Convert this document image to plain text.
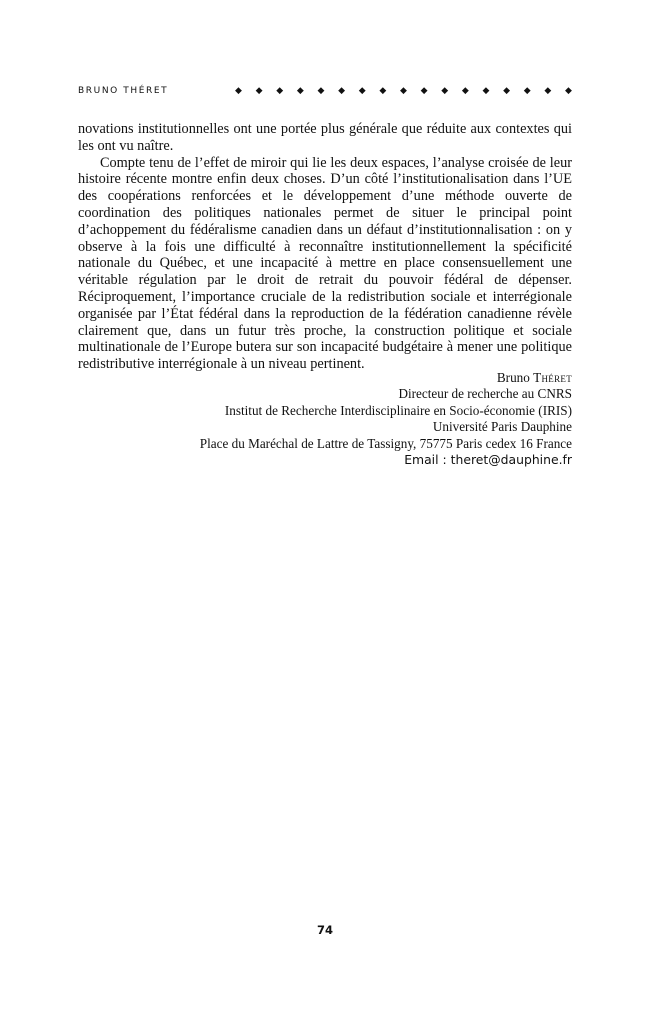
BRUNO THÉRET	◆ ◆ ◆ ◆ ◆ ◆ ◆ ◆ ◆ ◆ ◆ ◆ ◆ ◆ ◆ ◆ ◆

novations institutionnelles ont une portée plus générale que réduite aux contextes qui les ont vu naître.

Compte tenu de l’effet de miroir qui lie les deux espaces, l’analyse croisée de leur histoire récente montre enfin deux choses. D’un côté l’institutionalisation dans l’UE des coopérations renforcées et le développement d’une méthode ouverte de coordination des politiques nationales permet de situer le principal point d’achoppement du fédéralisme canadien dans un défaut d’institutionnalisation : on y observe à la fois une difficulté à reconnaître institutionnellement la spécificité nationale du Québec, et une incapacité à mettre en place consensuellement une véritable régulation par le droit de retrait du pouvoir fédéral de dépenser. Réciproquement, l’importance cruciale de la redistribution sociale et interrégionale organisée par l’État fédéral dans la reproduction de la fédération canadienne révèle clairement que, dans un futur très proche, la construction politique et sociale multinationale de l’Europe butera sur son incapacité budgétaire à mener une politique redistributive interrégionale à un niveau pertinent.

Bruno Théret
Directeur de recherche au CNRS
Institut de Recherche Interdisciplinaire en Socio-économie (IRIS)
Université Paris Dauphine
Place du Maréchal de Lattre de Tassigny, 75775 Paris cedex 16 France
Email : theret@dauphine.fr
74
